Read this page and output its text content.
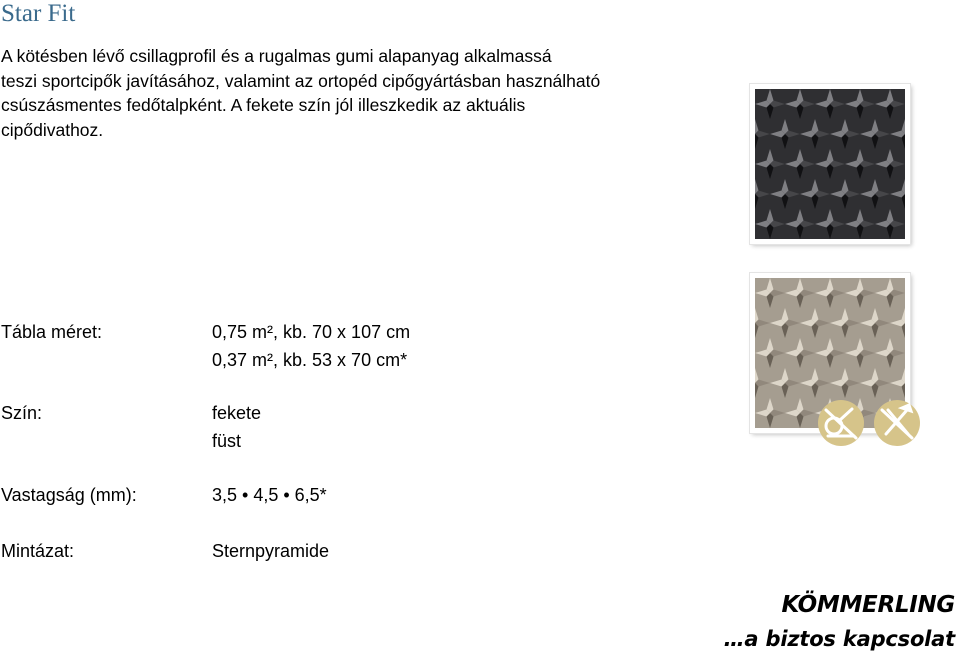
Star Fit
A kötésben lévő csillagprofil és a rugalmas gumi alapanyag alkalmassá
teszi sportcipők javításához, valamint az ortopéd cipőgyártásban használható
csúszásmentes fedőtalpként. A fekete szín jól illeszkedik az aktuális
cipődivathoz.
Tábla méret:	0,75 m², kb. 70 x 107 cm
0,37 m², kb. 53 x 70 cm*
Szín:	fekete
füst
Vastagság (mm):	3,5 • 4,5 • 6,5*
Mintázat:	Sternpyramide
KÖMMERLING
…a biztos kapcsolat
